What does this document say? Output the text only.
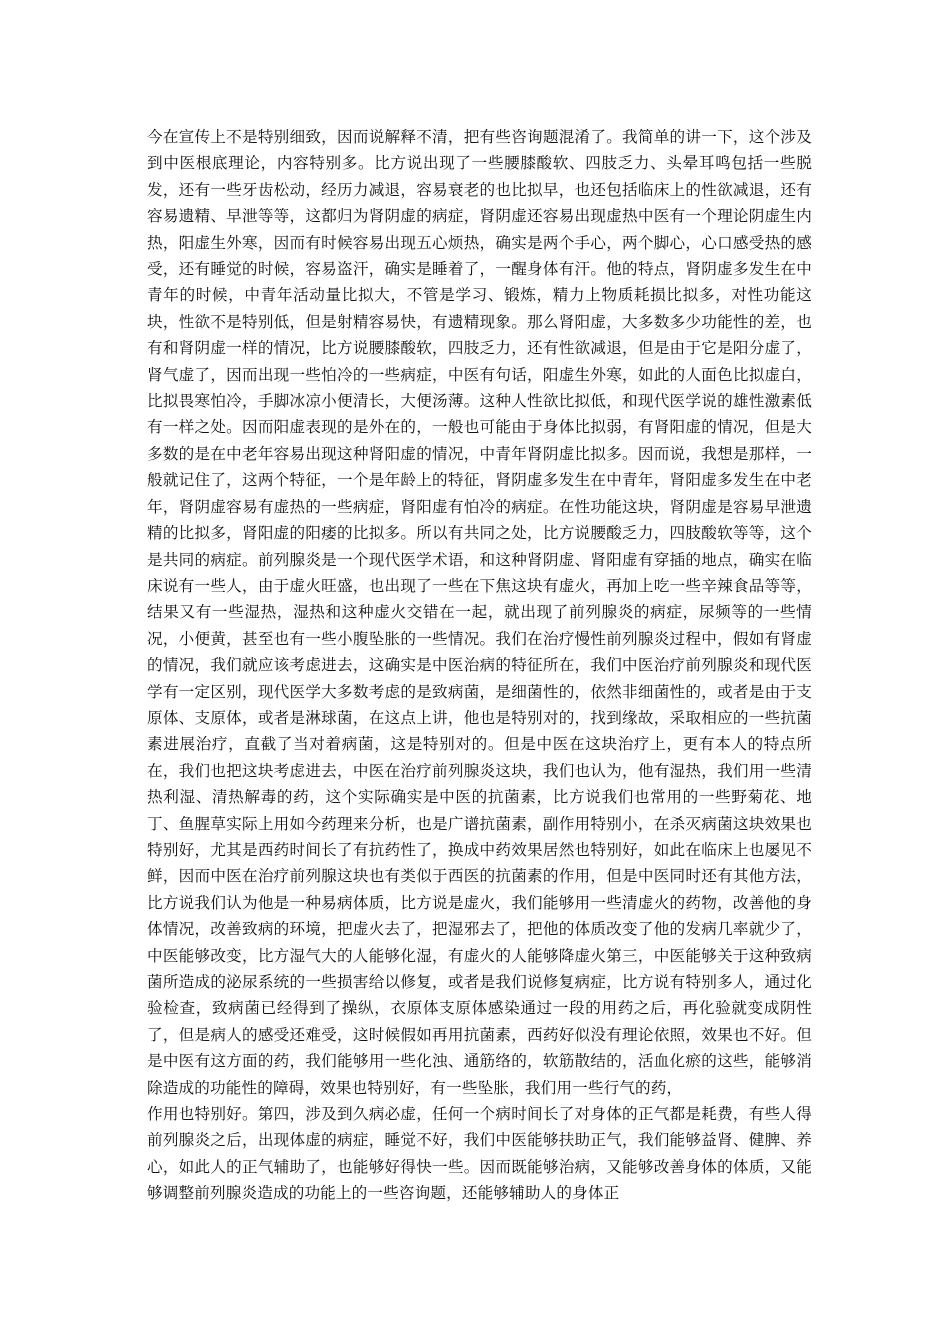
今在宣传上不是特别细致，因而说解释不清，把有些咨询题混淆了。我简单的讲一下，这个涉及到中医根底理论，内容特别多。比方说出现了一些腰膝酸软、四肢乏力、头晕耳鸣包括一些脱发，还有一些牙齿松动，经历力减退，容易衰老的也比拟早，也还包括临床上的性欲减退，还有容易遗精、早泄等等，这都归为肾阴虚的病症，肾阴虚还容易出现虚热中医有一个理论阴虚生内热，阳虚生外寒，因而有时候容易出现五心烦热，确实是两个手心，两个脚心，心口感受热的感受，还有睡觉的时候，容易盗汗，确实是睡着了，一醒身体有汗。他的特点，肾阴虚多发生在中青年的时候，中青年活动量比拟大，不管是学习、锻炼，精力上物质耗损比拟多，对性功能这块，性欲不是特别低，但是射精容易快，有遗精现象。那么肾阳虚，大多数多少功能性的差，也有和肾阴虚一样的情况，比方说腰膝酸软，四肢乏力，还有性欲减退，但是由于它是阳分虚了，肾气虚了，因而出现一些怕冷的一些病症，中医有句话，阳虚生外寒，如此的人面色比拟虚白，比拟畏寒怕冷，手脚冰凉小便清长，大便汤薄。这种人性欲比拟低，和现代医学说的雄性激素低有一样之处。因而阳虚表现的是外在的，一般也可能由于身体比拟弱，有肾阳虚的情况，但是大多数的是在中老年容易出现这种肾阳虚的情况，中青年肾阴虚比拟多。因而说，我想是那样，一般就记住了，这两个特征，一个是年龄上的特征，肾阴虚多发生在中青年，肾阳虚多发生在中老年，肾阴虚容易有虚热的一些病症，肾阳虚有怕冷的病症。在性功能这块，肾阴虚是容易早泄遗精的比拟多，肾阳虚的阳痿的比拟多。所以有共同之处，比方说腰酸乏力，四肢酸软等等，这个是共同的病症。前列腺炎是一个现代医学术语，和这种肾阴虚、肾阳虚有穿插的地点，确实在临床说有一些人，由于虚火旺盛，也出现了一些在下焦这块有虚火，再加上吃一些辛辣食品等等，结果又有一些湿热，湿热和这种虚火交错在一起，就出现了前列腺炎的病症，尿频等的一些情况，小便黄，甚至也有一些小腹坠胀的一些情况。我们在治疗慢性前列腺炎过程中，假如有肾虚的情况，我们就应该考虑进去，这确实是中医治病的特征所在，我们中医治疗前列腺炎和现代医学有一定区别，现代医学大多数考虑的是致病菌，是细菌性的，依然非细菌性的，或者是由于支原体、支原体，或者是淋球菌，在这点上讲，他也是特别对的，找到缘故，采取相应的一些抗菌素进展治疗，直截了当对着病菌，这是特别对的。但是中医在这块治疗上，更有本人的特点所在，我们也把这块考虑进去，中医在治疗前列腺炎这块，我们也认为，他有湿热，我们用一些清热利湿、清热解毒的药，这个实际确实是中医的抗菌素，比方说我们也常用的一些野菊花、地丁、鱼腥草实际上用如今药理来分析，也是广谱抗菌素，副作用特别小，在杀灭病菌这块效果也特别好，尤其是西药时间长了有抗药性了，换成中药效果居然也特别好，如此在临床上也屡见不鲜，因而中医在治疗前列腺这块也有类似于西医的抗菌素的作用，但是中医同时还有其他方法，比方说我们认为他是一种易病体质，比方说是虚火，我们能够用一些清虚火的药物，改善他的身体情况，改善致病的环境，把虚火去了，把湿邪去了，把他的体质改变了他的发病几率就少了，中医能够改变，比方湿气大的人能够化湿，有虚火的人能够降虚火第三，中医能够关于这种致病菌所造成的泌尿系统的一些损害给以修复，或者是我们说修复病症，比方说有特别多人，通过化验检查，致病菌已经得到了操纵，衣原体支原体感染通过一段的用药之后，再化验就变成阴性了，但是病人的感受还难受，这时候假如再用抗菌素，西药好似没有理论依照，效果也不好。但是中医有这方面的药，我们能够用一些化浊、通筋络的，软筋散结的，活血化瘀的这些，能够消除造成的功能性的障碍，效果也特别好，有一些坠胀，我们用一些行气的药，

作用也特别好。第四，涉及到久病必虚，任何一个病时间长了对身体的正气都是耗费，有些人得前列腺炎之后，出现体虚的病症，睡觉不好，我们中医能够扶助正气，我们能够益肾、健脾、养心，如此人的正气辅助了，也能够好得快一些。因而既能够治病，又能够改善身体的体质，又能够调整前列腺炎造成的功能上的一些咨询题，还能够辅助人的身体正
